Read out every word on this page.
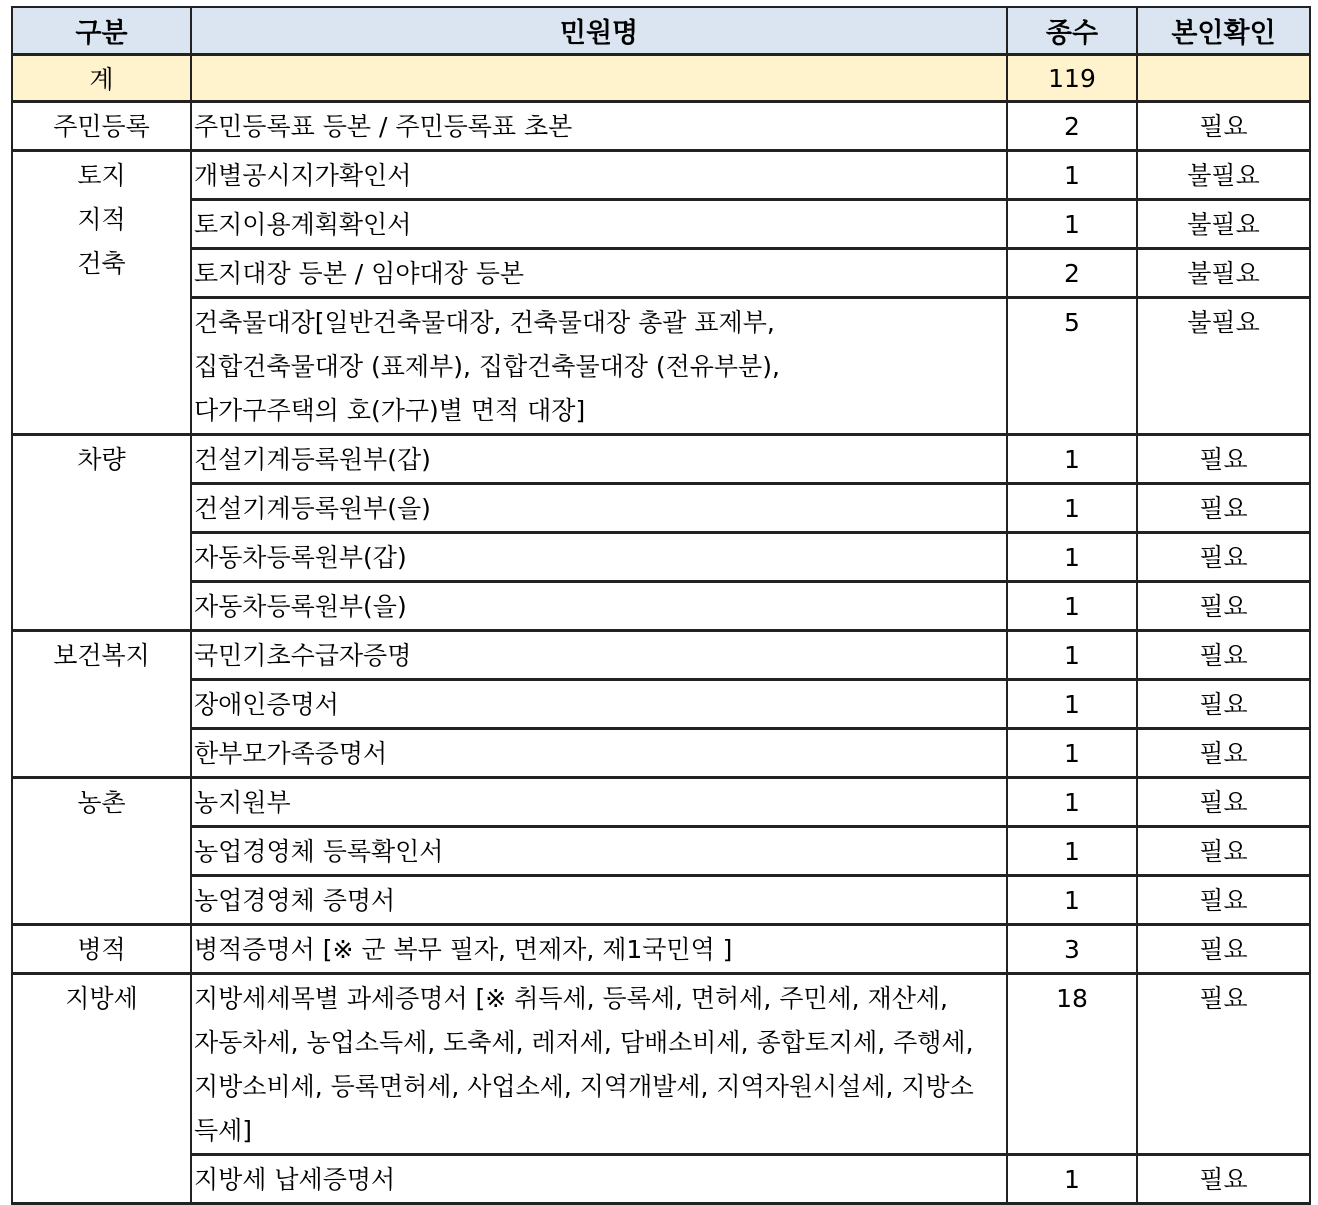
구분	민원명	종수	본인확인
계		119	

주민등록	주민등록표 등본 / 주민등록표 초본	2	필요

토지
지적
건축	개별공시지가확인서	1	불필요

	토지이용계획확인서	1	불필요

	토지대장 등본 / 임야대장 등본	2	불필요

	건축물대장[일반건축물대장, 건축물대장 총괄 표제부,
집합건축물대장 (표제부), 집합건축물대장 (전유부분),
다가구주택의 호(가구)별 면적 대장]	5	불필요

차량	건설기계등록원부(갑)	1	필요

	건설기계등록원부(을)	1	필요

	자동차등록원부(갑)	1	필요

	자동차등록원부(을)	1	필요

보건복지	국민기초수급자증명	1	필요

	장애인증명서	1	필요

	한부모가족증명서	1	필요

농촌	농지원부	1	필요

	농업경영체 등록확인서	1	필요

	농업경영체 증명서	1	필요

병적	병적증명서 [※ 군 복무 필자, 면제자, 제1국민역 ]	3	필요

지방세	지방세세목별 과세증명서 [※ 취득세, 등록세, 면허세, 주민세, 재산세,
자동차세, 농업소득세, 도축세, 레저세, 담배소비세, 종합토지세, 주행세,
지방소비세, 등록면허세, 사업소세, 지역개발세, 지역자원시설세, 지방소
득세]	18	필요

	지방세 납세증명서	1	필요
